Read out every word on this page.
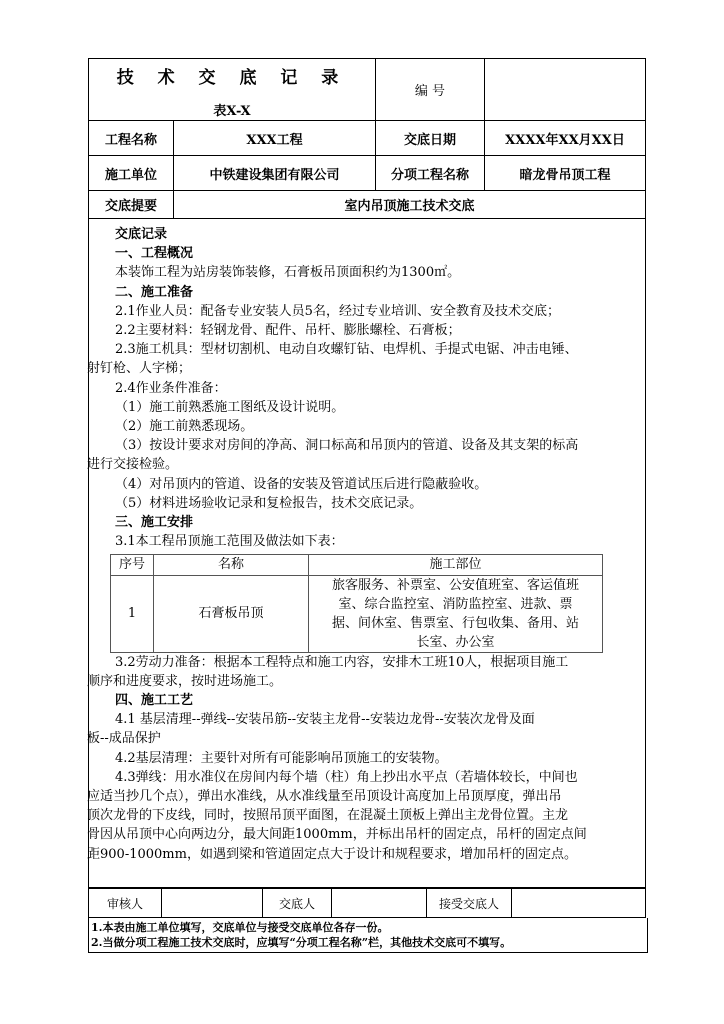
技 术 交 底 记 录
表X-X		编 号	
工程名称	XXX工程	交底日期	XXXX年XX月XX日
施工单位	中铁建设集团有限公司	分项工程名称	暗龙骨吊顶工程
交底提要	室内吊顶施工技术交底		

交底记录

一、工程概况

本装饰工程为站房装饰装修，石膏板吊顶面积约为1300㎡。

二、施工准备

2.1作业人员：配备专业安装人员5名，经过专业培训、安全教育及技术交底；

2.2主要材料：轻钢龙骨、配件、吊杆、膨胀螺栓、石膏板；

2.3施工机具：型材切割机、电动自攻螺钉钻、电焊机、手提式电锯、冲击电锤、

射钉枪、人字梯；

2.4作业条件准备：

（1）施工前熟悉施工图纸及设计说明。

（2）施工前熟悉现场。

（3）按设计要求对房间的净高、洞口标高和吊顶内的管道、设备及其支架的标高

进行交接检验。

（4）对吊顶内的管道、设备的安装及管道试压后进行隐蔽验收。

（5）材料进场验收记录和复检报告，技术交底记录。

三、施工安排

3.1本工程吊顶施工范围及做法如下表：

序号	名称	施工部位
1	石膏板吊顶	旅客服务、补票室、公安值班室、客运值班
室、综合监控室、消防监控室、进款、票
据、间休室、售票室、行包收集、备用、站
长室、办公室

3.2劳动力准备：根据本工程特点和施工内容，安排木工班10人，根据项目施工

顺序和进度要求，按时进场施工。

四、施工工艺

4.1 基层清理--弹线--安装吊筋--安装主龙骨--安装边龙骨--安装次龙骨及面

板--成品保护

4.2基层清理：主要针对所有可能影响吊顶施工的安装物。

4.3弹线：用水准仪在房间内每个墙（柱）角上抄出水平点（若墙体较长，中间也

应适当抄几个点），弹出水准线，从水准线量至吊顶设计高度加上吊顶厚度，弹出吊

顶次龙骨的下皮线，同时，按照吊顶平面图，在混凝土顶板上弹出主龙骨位置。主龙

骨因从吊顶中心向两边分，最大间距1000mm，并标出吊杆的固定点，吊杆的固定点间

距900-1000mm，如遇到梁和管道固定点大于设计和规程要求，增加吊杆的固定点。

审核人		交底人		接受交底人	
1.本表由施工单位填写，交底单位与接受交底单位各存一份。
2.当做分项工程施工技术交底时，应填写“分项工程名称”栏，其他技术交底可不填写。
